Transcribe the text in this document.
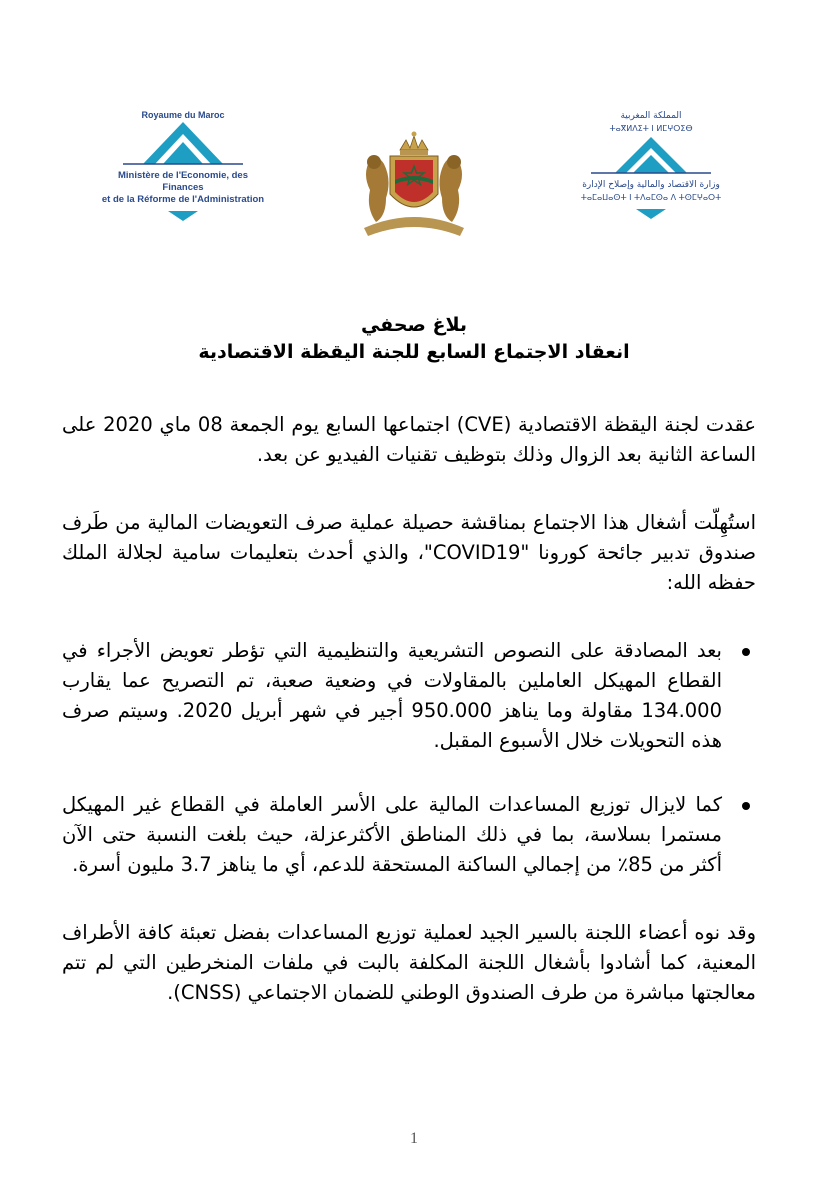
Royaume du Maroc
Ministère de l'Economie, des Finances
et de la Réforme de l'Administration
المملكة المغربية
ⵜⴰⴳⵍⴷⵉⵜ ⵏ ⵍⵎⵖⵔⵉⴱ
وزارة الاقتصاد والمالية وإصلاح الإدارة
ⵜⴰⵎⴰⵡⴰⵙⵜ ⵏ ⵜⴷⴰⵎⵙⴰ ⴷ ⵜⵙⵎⵖⴰⵔⵜ
بلاغ صحفي
انعقاد الاجتماع السابع للجنة اليقظة الاقتصادية

عقدت لجنة اليقظة الاقتصادية (CVE) اجتماعها السابع يوم الجمعة 08 ماي 2020 على الساعة الثانية بعد الزوال وذلك بتوظيف تقنيات الفيديو عن بعد.

استُهِلّت أشغال هذا الاجتماع بمناقشة حصيلة عملية صرف التعويضات المالية من طَرف صندوق تدبير جائحة كورونا "COVID19"، والذي أحدث بتعليمات سامية لجلالة الملك حفظه الله:

بعد المصادقة على النصوص التشريعية والتنظيمية التي تؤطر تعويض الأجراء في القطاع المهيكل العاملين بالمقاولات في وضعية صعبة، تم التصريح عما يقارب 134.000 مقاولة وما يناهز 950.000 أجير في شهر أبريل 2020. وسيتم صرف هذه التحويلات خلال الأسبوع المقبل.
كما لايزال توزيع المساعدات المالية على الأسر العاملة في القطاع غير المهيكل مستمرا بسلاسة، بما في ذلك المناطق الأكثرعزلة، حيث بلغت النسبة حتى الآن أكثر من 85٪ من إجمالي الساكنة المستحقة للدعم، أي ما يناهز 3.7 مليون أسرة.

وقد نوه أعضاء اللجنة بالسير الجيد لعملية توزيع المساعدات بفضل تعبئة كافة الأطراف المعنية، كما أشادوا بأشغال اللجنة المكلفة بالبت في ملفات المنخرطين التي لم تتم معالجتها مباشرة من طرف الصندوق الوطني للضمان الاجتماعي (CNSS).

1
